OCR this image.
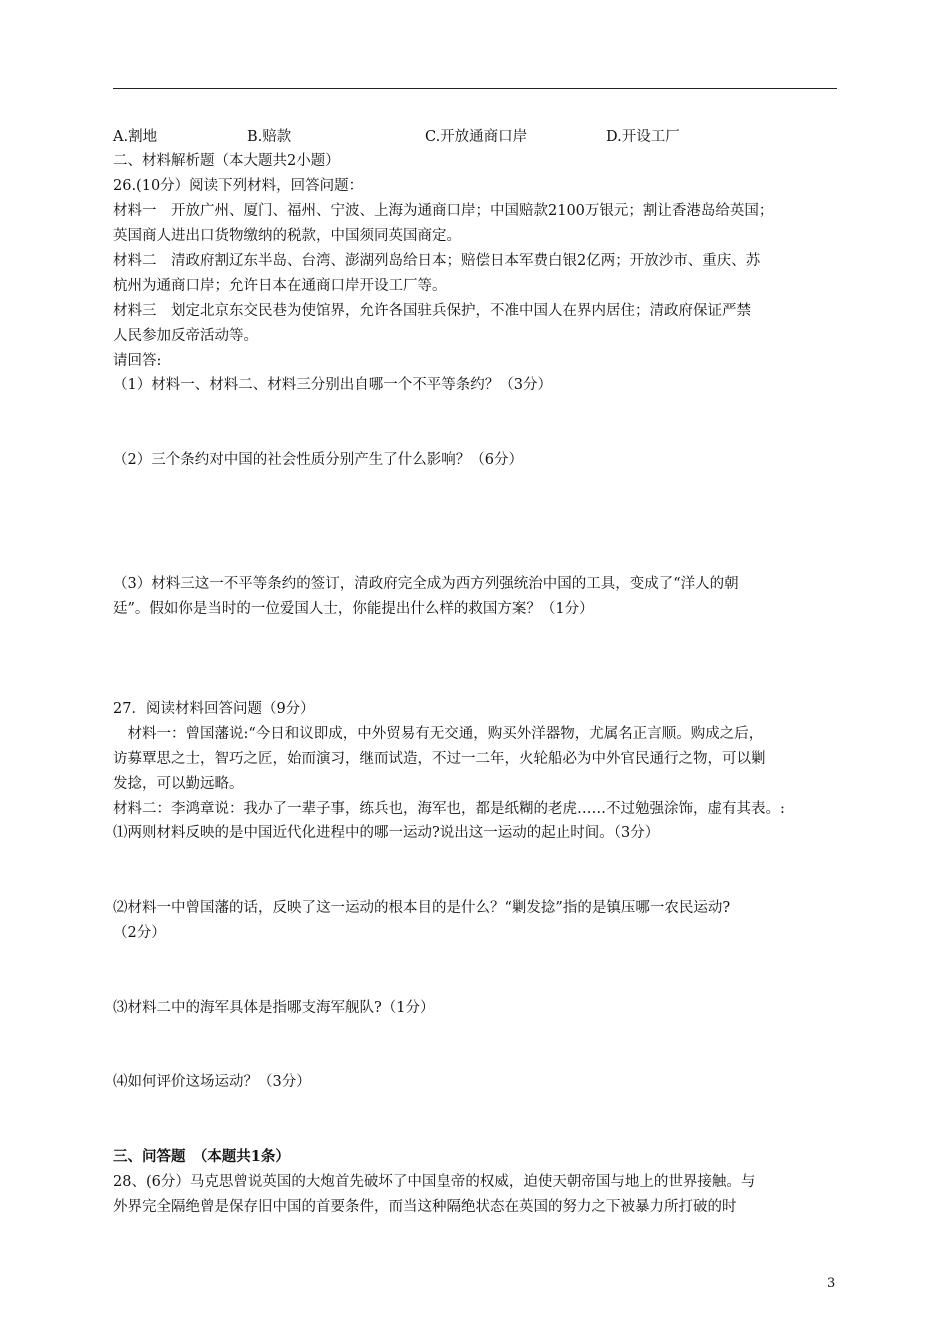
A.割地	B.赔款	C.开放通商口岸	D.开设工厂
二、材料解析题（本大题共2小题）
26.(10分）阅读下列材料，回答问题：
材料一　开放广州、厦门、福州、宁波、上海为通商口岸；中国赔款2100万银元；割让香港岛给英国；
英国商人进出口货物缴纳的税款，中国须同英国商定。
材料二　清政府割辽东半岛、台湾、澎湖列岛给日本；赔偿日本军费白银2亿两；开放沙市、重庆、苏
杭州为通商口岸；允许日本在通商口岸开设工厂等。
材料三　划定北京东交民巷为使馆界，允许各国驻兵保护，不准中国人在界内居住；清政府保证严禁
人民参加反帝活动等。
请回答:
（1）材料一、材料二、材料三分别出自哪一个不平等条约？（3分）
（2）三个条约对中国的社会性质分别产生了什么影响？（6分）
（3）材料三这一不平等条约的签订，清政府完全成为西方列强统治中国的工具，变成了“洋人的朝
廷”。假如你是当时的一位爱国人士，你能提出什么样的救国方案？（1分）
27．阅读材料回答问题（9分）
　材料一：曾国藩说:“今日和议即成，中外贸易有无交通，购买外洋器物，尤属名正言顺。购成之后，
访募覃思之士，智巧之匠，始而演习，继而试造，不过一二年，火轮船必为中外官民通行之物，可以剿
发捻，可以勤远略。
材料二：李鸿章说：我办了一辈子事，练兵也，海军也，都是纸糊的老虎……不过勉强涂饰，虚有其表。:
⑴两则材料反映的是中国近代化进程中的哪一运动?说出这一运动的起止时间。（3分）
⑵材料一中曾国藩的话，反映了这一运动的根本目的是什么？“剿发捻”指的是镇压哪一农民运动?
（2分）
⑶材料二中的海军具体是指哪支海军舰队?（1分）
⑷如何评价这场运动？（3分）
三、问答题　（本题共1条）
28、(6分）马克思曾说英国的大炮首先破坏了中国皇帝的权威，迫使天朝帝国与地上的世界接触。与
外界完全隔绝曾是保存旧中国的首要条件，而当这种隔绝状态在英国的努力之下被暴力所打破的时
3
